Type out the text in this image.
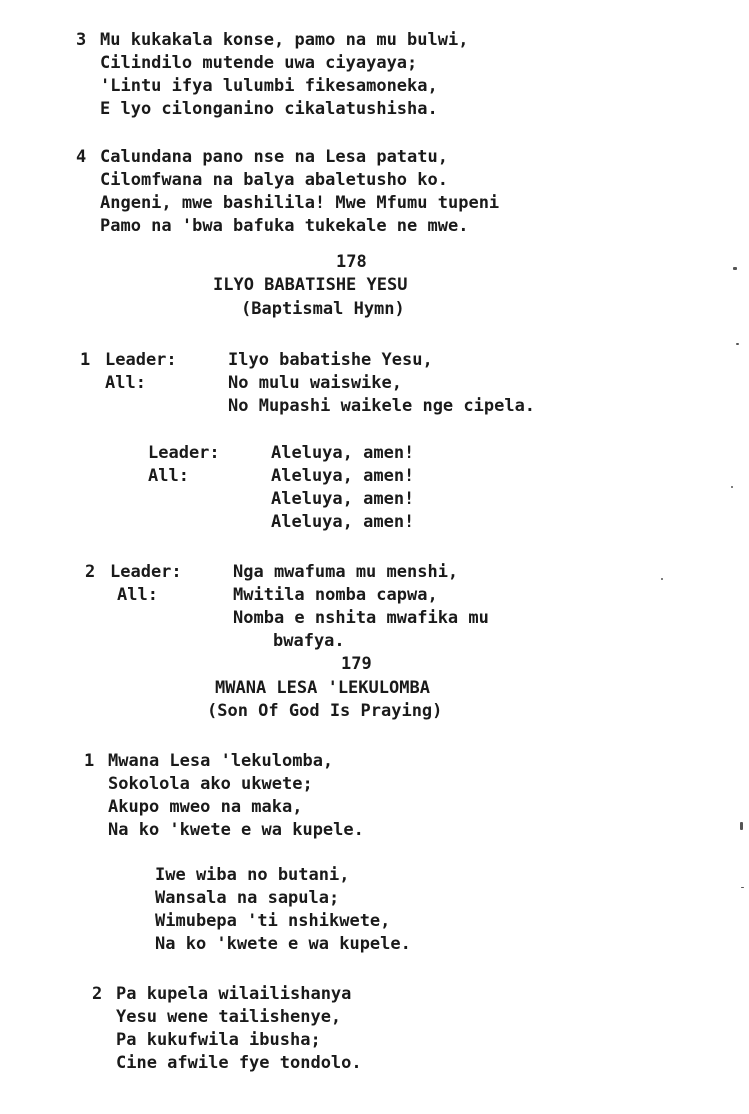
3 Mu kukakala konse, pamo na mu bulwi,
Cilindilo mutende uwa ciyayaya;
'Lintu ifya lulumbi fikesamoneka,
E lyo cilonganino cikalatushisha.
4 Calundana pano nse na Lesa patatu,
Cilomfwana na balya abaletusho ko.
Angeni, mwe bashilila! Mwe Mfumu tupeni
Pamo na 'bwa bafuka tukekale ne mwe.
178
ILYO BABATISHE YESU
(Baptismal Hymn)
1 Leader:	Ilyo babatishe Yesu,
All:	No mulu waiswike,
No Mupashi waikele nge cipela.
Leader:	Aleluya, amen!
All:	Aleluya, amen!
Aleluya, amen!
Aleluya, amen!
2 Leader:	Nga mwafuma mu menshi,
All:	Mwitila nomba capwa,
Nomba e nshita mwafika mu
bwafya.
179
MWANA LESA 'LEKULOMBA
(Son Of God Is Praying)
1 Mwana Lesa 'lekulomba,
Sokolola ako ukwete;
Akupo mweo na maka,
Na ko 'kwete e wa kupele.
Iwe wiba no butani,
Wansala na sapula;
Wimubepa 'ti nshikwete,
Na ko 'kwete e wa kupele.
2 Pa kupela wilailishanya
Yesu wene tailishenye,
Pa kukufwila ibusha;
Cine afwile fye tondolo.
